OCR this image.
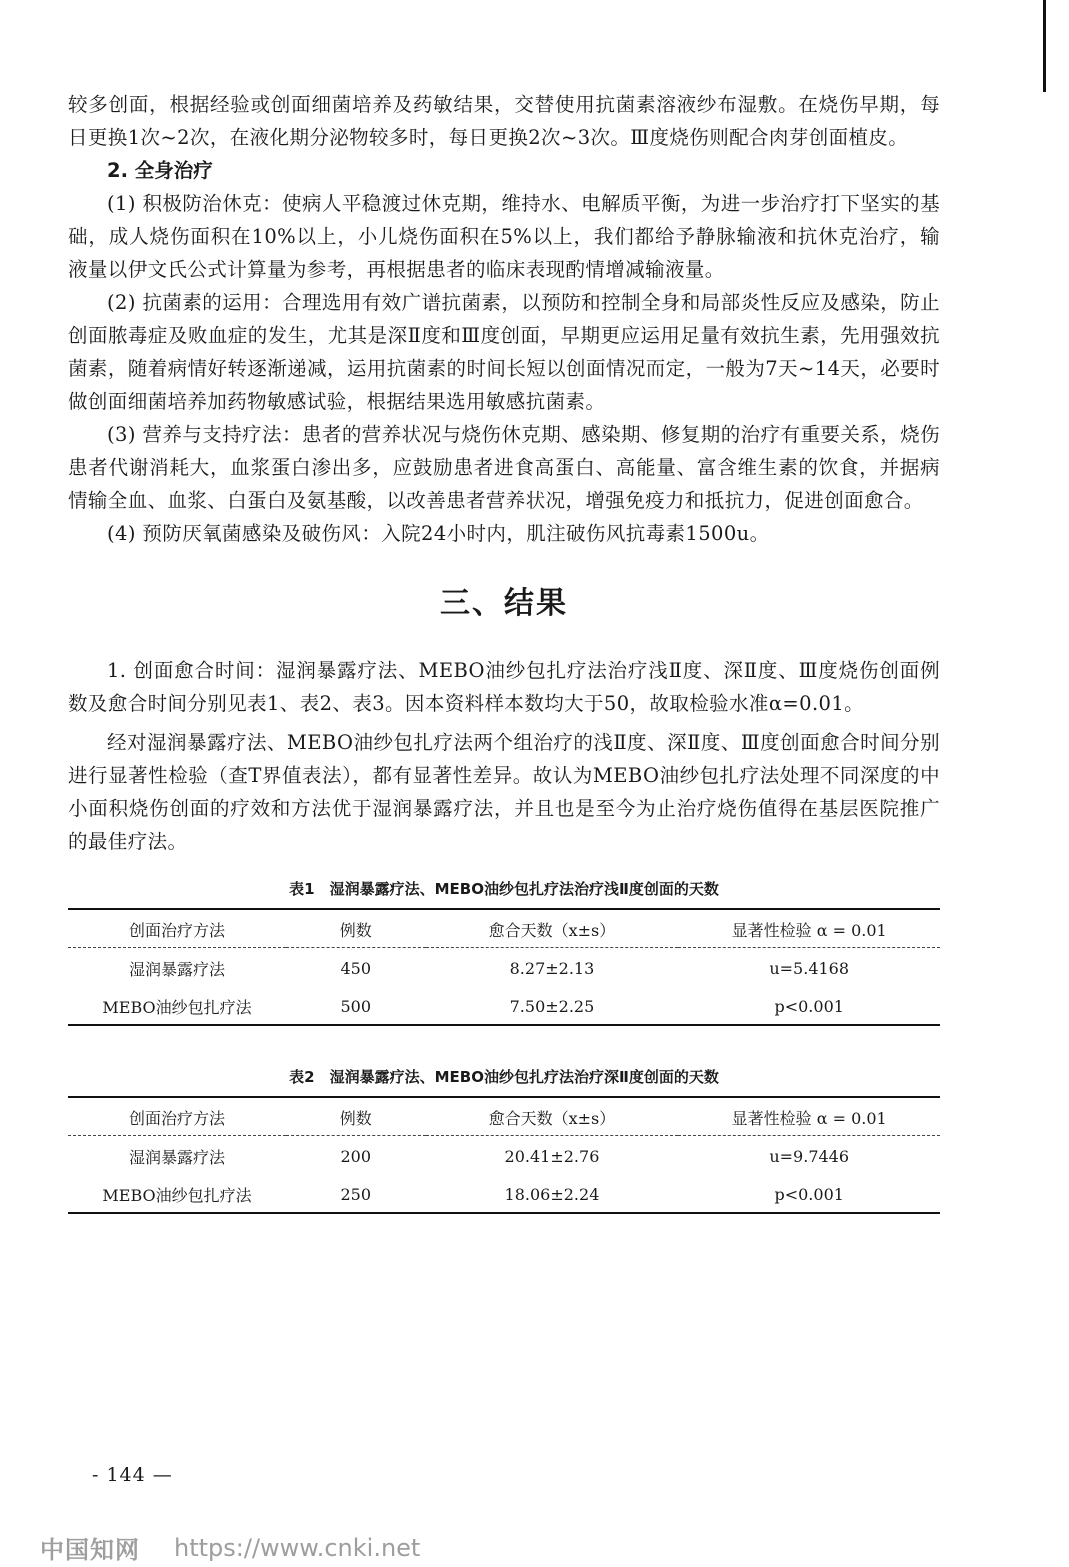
较多创面，根据经验或创面细菌培养及药敏结果，交替使用抗菌素溶液纱布湿敷。在烧伤早期，每日更换1次~2次，在液化期分泌物较多时，每日更换2次~3次。Ⅲ度烧伤则配合肉芽创面植皮。

2. 全身治疗

(1) 积极防治休克：使病人平稳渡过休克期，维持水、电解质平衡，为进一步治疗打下坚实的基础，成人烧伤面积在10%以上，小儿烧伤面积在5%以上，我们都给予静脉输液和抗休克治疗，输液量以伊文氏公式计算量为参考，再根据患者的临床表现酌情增减输液量。

(2) 抗菌素的运用：合理选用有效广谱抗菌素，以预防和控制全身和局部炎性反应及感染，防止创面脓毒症及败血症的发生，尤其是深Ⅱ度和Ⅲ度创面，早期更应运用足量有效抗生素，先用强效抗菌素，随着病情好转逐渐递减，运用抗菌素的时间长短以创面情况而定，一般为7天~14天，必要时做创面细菌培养加药物敏感试验，根据结果选用敏感抗菌素。

(3) 营养与支持疗法：患者的营养状况与烧伤休克期、感染期、修复期的治疗有重要关系，烧伤患者代谢消耗大，血浆蛋白渗出多，应鼓励患者进食高蛋白、高能量、富含维生素的饮食，并据病情输全血、血浆、白蛋白及氨基酸，以改善患者营养状况，增强免疫力和抵抗力，促进创面愈合。

(4) 预防厌氧菌感染及破伤风：入院24小时内，肌注破伤风抗毒素1500u。

三、结果

1. 创面愈合时间：湿润暴露疗法、MEBO油纱包扎疗法治疗浅Ⅱ度、深Ⅱ度、Ⅲ度烧伤创面例数及愈合时间分别见表1、表2、表3。因本资料样本数均大于50，故取检验水准α=0.01。

经对湿润暴露疗法、MEBO油纱包扎疗法两个组治疗的浅Ⅱ度、深Ⅱ度、Ⅲ度创面愈合时间分别进行显著性检验（查T界值表法），都有显著性差异。故认为MEBO油纱包扎疗法处理不同深度的中小面积烧伤创面的疗效和方法优于湿润暴露疗法，并且也是至今为止治疗烧伤值得在基层医院推广的最佳疗法。

表1　湿润暴露疗法、MEBO油纱包扎疗法治疗浅Ⅱ度创面的天数

创面治疗方法	例数	愈合天数（x±s）	显著性检验 α = 0.01
湿润暴露疗法	450	8.27±2.13	u=5.4168
MEBO油纱包扎疗法	500	7.50±2.25	p<0.001

表2　湿润暴露疗法、MEBO油纱包扎疗法治疗深Ⅱ度创面的天数

创面治疗方法	例数	愈合天数（x±s）	显著性检验 α = 0.01
湿润暴露疗法	200	20.41±2.76	u=9.7446
MEBO油纱包扎疗法	250	18.06±2.24	p<0.001
- 144 —
中国知网 https://www.cnki.net
